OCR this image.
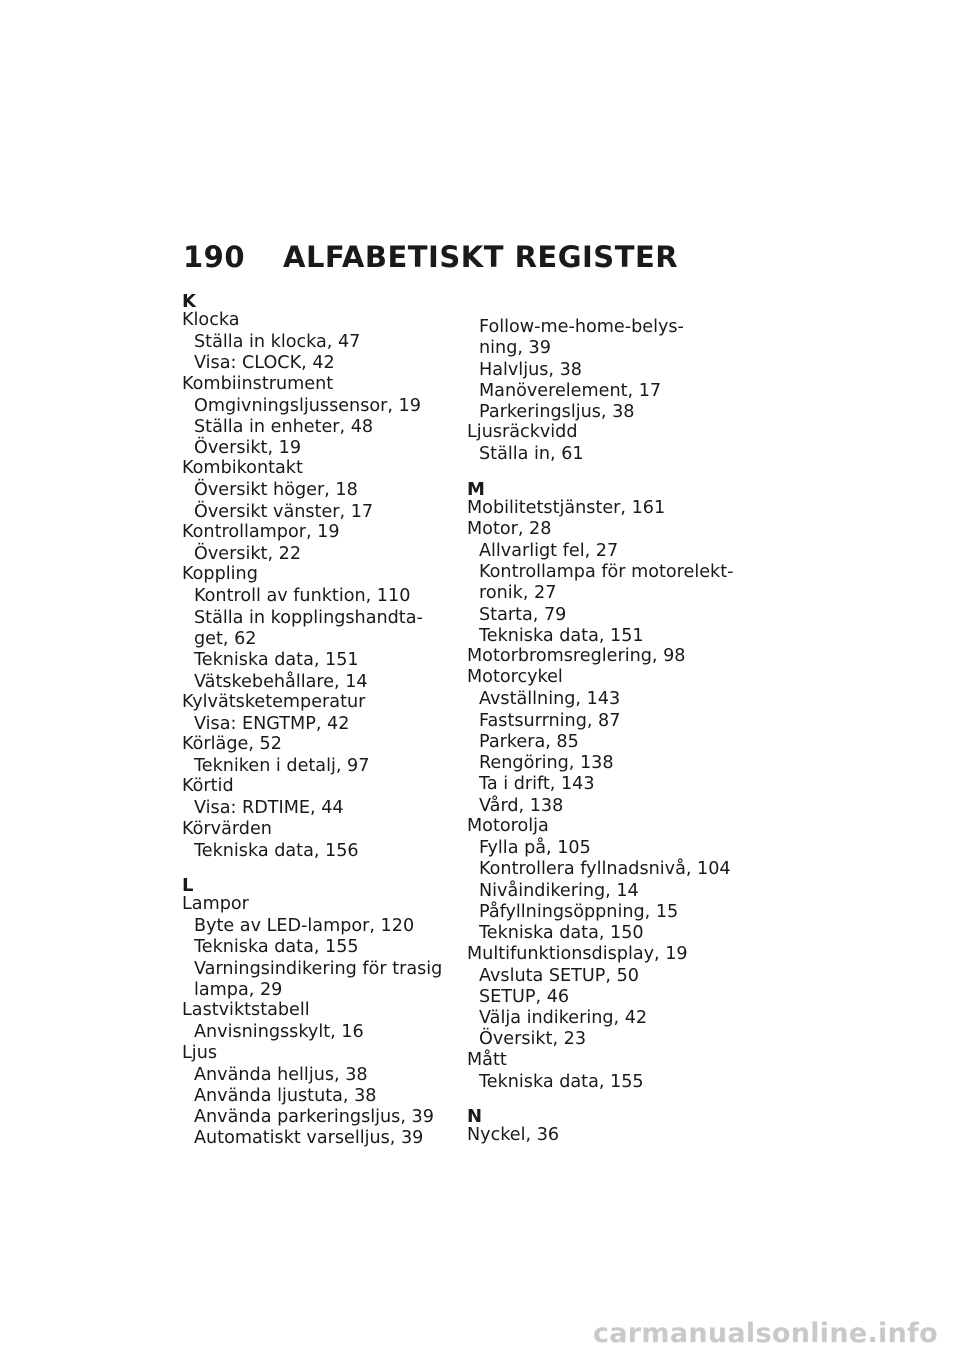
190 ALFABETISKT REGISTER
K
Klocka
Ställa in klocka, 47
Visa: CLOCK, 42
Kombiinstrument
Omgivningsljussensor, 19
Ställa in enheter, 48
Översikt, 19
Kombikontakt
Översikt höger, 18
Översikt vänster, 17
Kontrollampor, 19
Översikt, 22
Koppling
Kontroll av funktion, 110
Ställa in kopplingshandta-
get, 62
Tekniska data, 151
Vätskebehållare, 14
Kylvätsketemperatur
Visa: ENGTMP, 42
Körläge, 52
Tekniken i detalj, 97
Körtid
Visa: RDTIME, 44
Körvärden
Tekniska data, 156
L
Lampor
Byte av LED-lampor, 120
Tekniska data, 155
Varningsindikering för trasig
lampa, 29
Lastviktstabell
Anvisningsskylt, 16
Ljus
Använda helljus, 38
Använda ljustuta, 38
Använda parkeringsljus, 39
Automatiskt varselljus, 39
Follow-me-home-belys-
ning, 39
Halvljus, 38
Manöverelement, 17
Parkeringsljus, 38
Ljusräckvidd
Ställa in, 61
M
Mobilitetstjänster, 161
Motor, 28
Allvarligt fel, 27
Kontrollampa för motorelekt-
ronik, 27
Starta, 79
Tekniska data, 151
Motorbromsreglering, 98
Motorcykel
Avställning, 143
Fastsurrning, 87
Parkera, 85
Rengöring, 138
Ta i drift, 143
Vård, 138
Motorolja
Fylla på, 105
Kontrollera fyllnadsnivå, 104
Nivåindikering, 14
Påfyllningsöppning, 15
Tekniska data, 150
Multifunktionsdisplay, 19
Avsluta SETUP, 50
SETUP, 46
Välja indikering, 42
Översikt, 23
Mått
Tekniska data, 155
N
Nyckel, 36
carmanualsonline.info
